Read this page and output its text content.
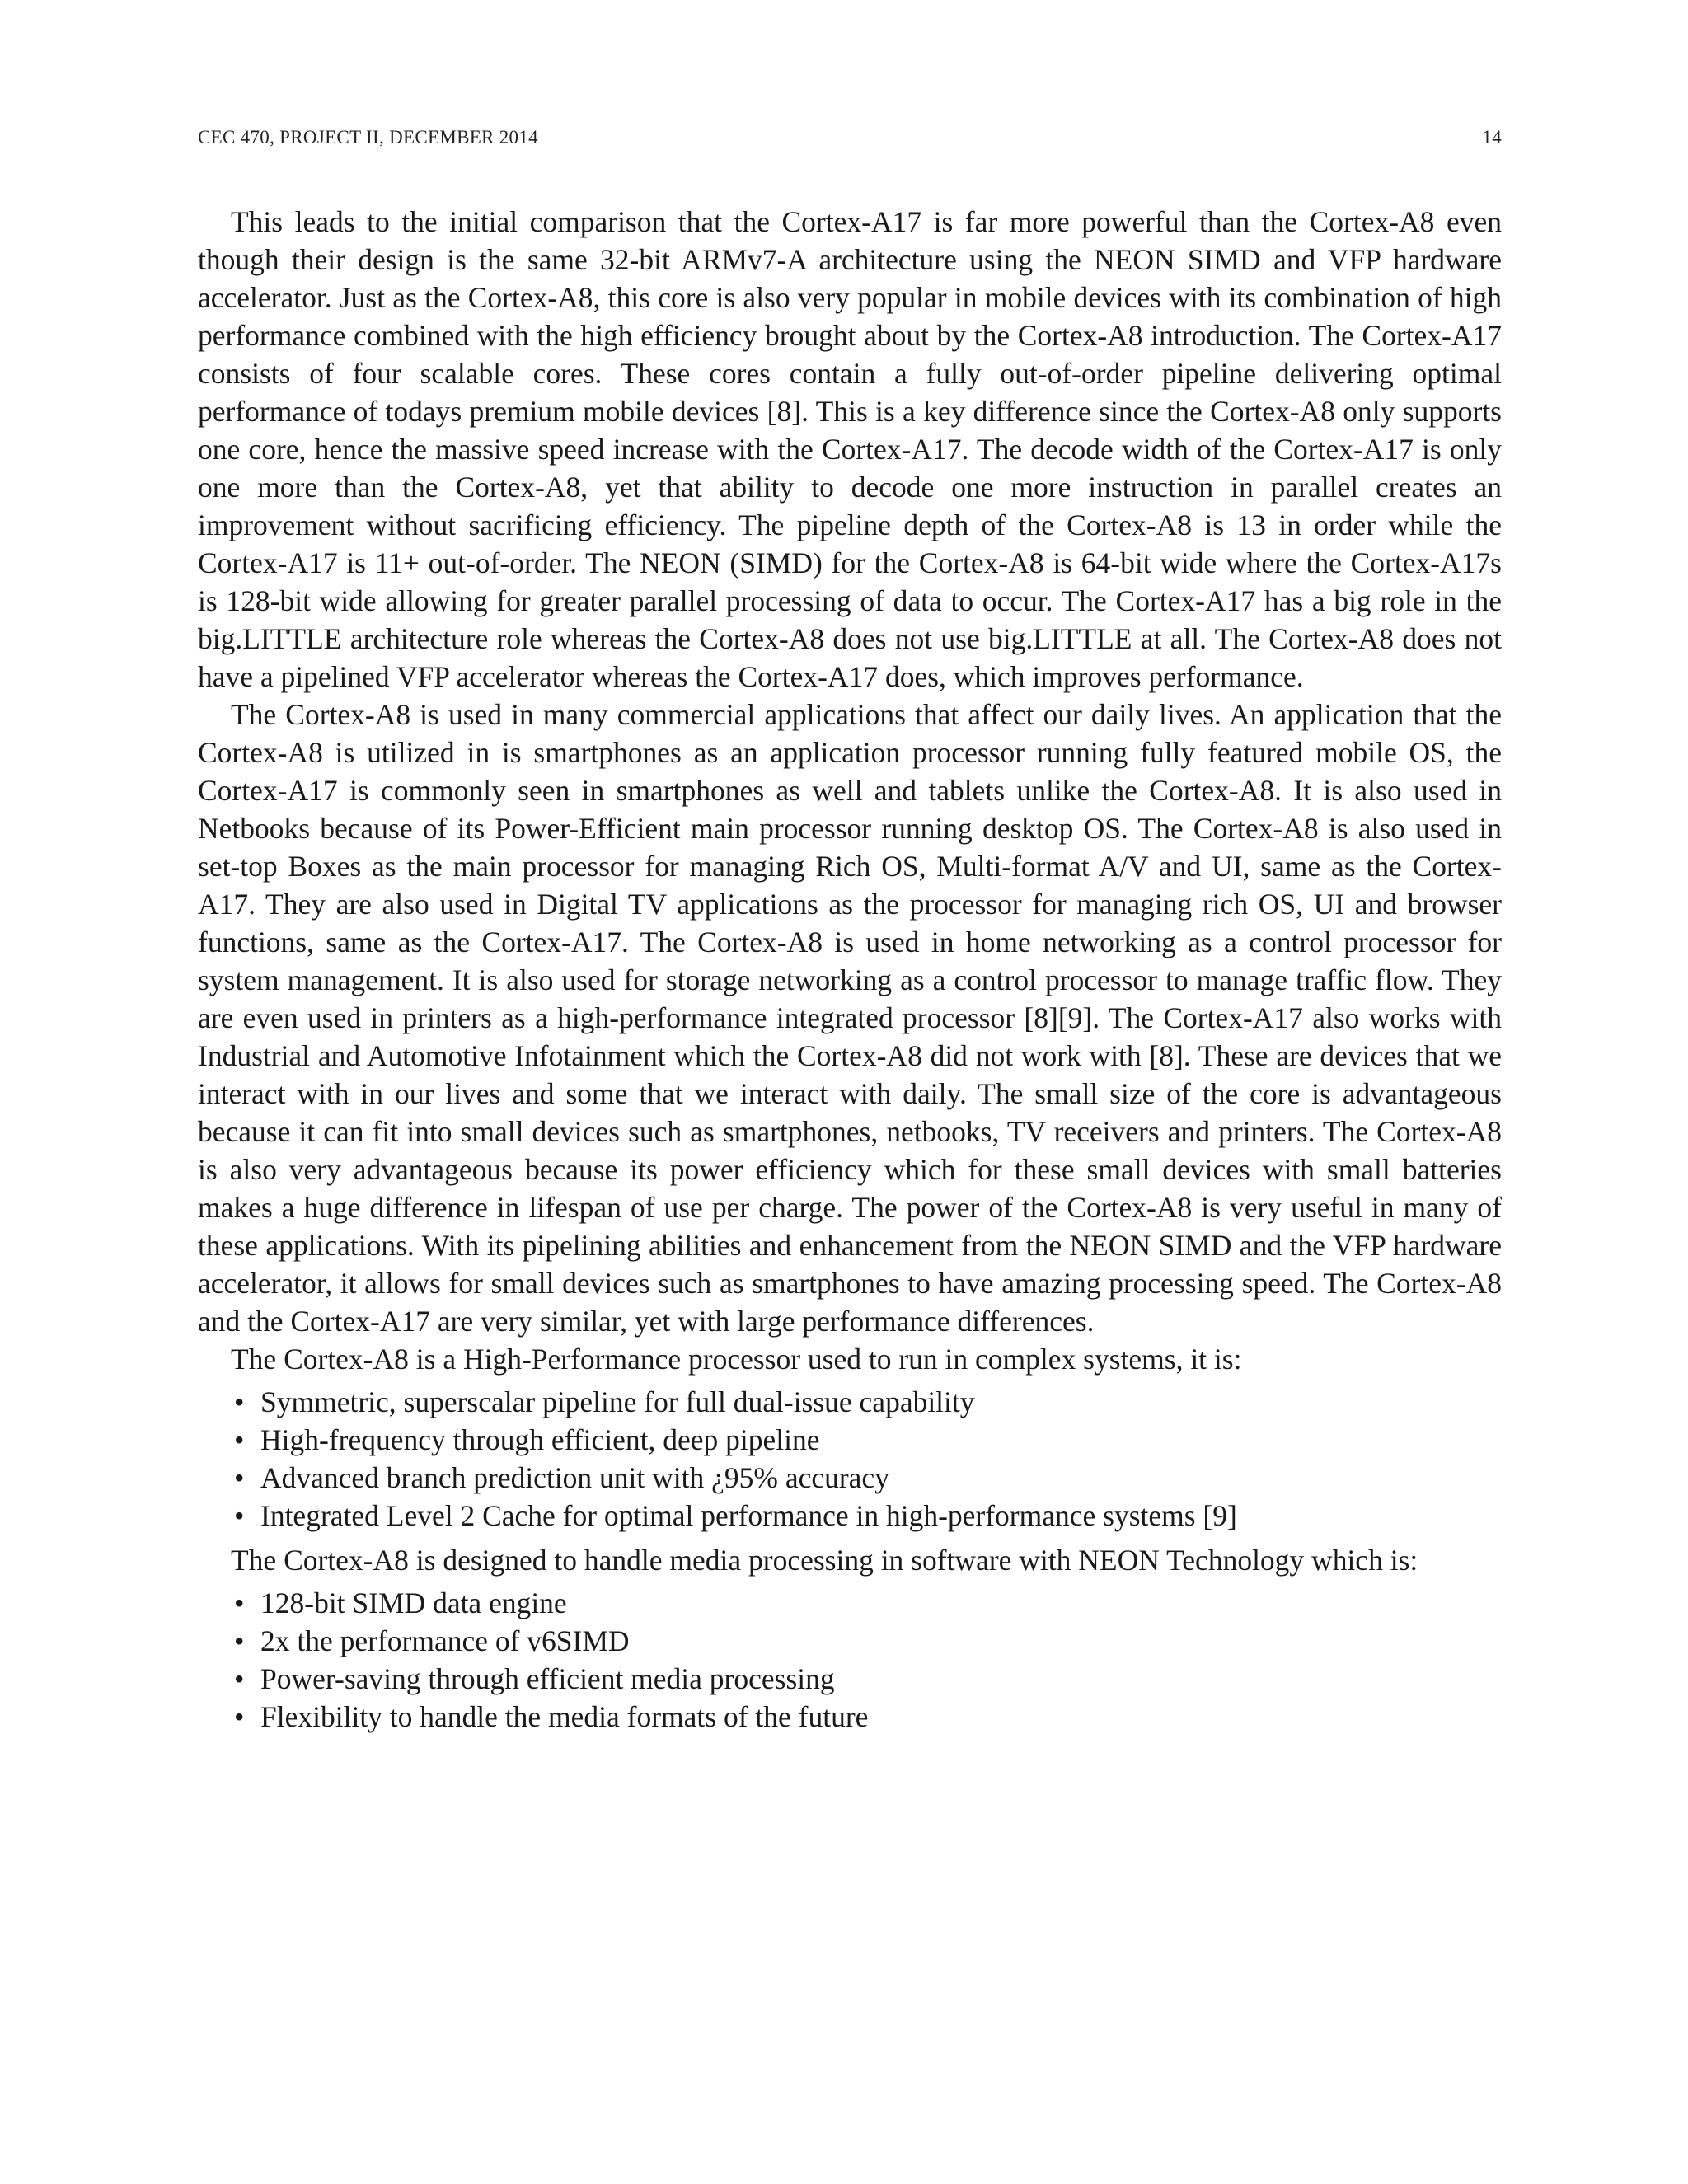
CEC 470, PROJECT II, DECEMBER 2014	14

This leads to the initial comparison that the Cortex-A17 is far more powerful than the Cortex-A8 even though their design is the same 32-bit ARMv7-A architecture using the NEON SIMD and VFP hardware accelerator. Just as the Cortex-A8, this core is also very popular in mobile devices with its combination of high performance combined with the high efficiency brought about by the Cortex-A8 introduction. The Cortex-A17 consists of four scalable cores. These cores contain a fully out-of-order pipeline delivering optimal performance of todays premium mobile devices [8]. This is a key difference since the Cortex-A8 only supports one core, hence the massive speed increase with the Cortex-A17. The decode width of the Cortex-A17 is only one more than the Cortex-A8, yet that ability to decode one more instruction in parallel creates an improvement without sacrificing efficiency. The pipeline depth of the Cortex-A8 is 13 in order while the Cortex-A17 is 11+ out-of-order. The NEON (SIMD) for the Cortex-A8 is 64-bit wide where the Cortex-A17s is 128-bit wide allowing for greater parallel processing of data to occur. The Cortex-A17 has a big role in the big.LITTLE architecture role whereas the Cortex-A8 does not use big.LITTLE at all. The Cortex-A8 does not have a pipelined VFP accelerator whereas the Cortex-A17 does, which improves performance.

The Cortex-A8 is used in many commercial applications that affect our daily lives. An application that the Cortex-A8 is utilized in is smartphones as an application processor running fully featured mobile OS, the Cortex-A17 is commonly seen in smartphones as well and tablets unlike the Cortex-A8. It is also used in Netbooks because of its Power-Efficient main processor running desktop OS. The Cortex-A8 is also used in set-top Boxes as the main processor for managing Rich OS, Multi-format A/V and UI, same as the Cortex-A17. They are also used in Digital TV applications as the processor for managing rich OS, UI and browser functions, same as the Cortex-A17. The Cortex-A8 is used in home networking as a control processor for system management. It is also used for storage networking as a control processor to manage traffic flow. They are even used in printers as a high-performance integrated processor [8][9]. The Cortex-A17 also works with Industrial and Automotive Infotainment which the Cortex-A8 did not work with [8]. These are devices that we interact with in our lives and some that we interact with daily. The small size of the core is advantageous because it can fit into small devices such as smartphones, netbooks, TV receivers and printers. The Cortex-A8 is also very advantageous because its power efficiency which for these small devices with small batteries makes a huge difference in lifespan of use per charge. The power of the Cortex-A8 is very useful in many of these applications. With its pipelining abilities and enhancement from the NEON SIMD and the VFP hardware accelerator, it allows for small devices such as smartphones to have amazing processing speed. The Cortex-A8 and the Cortex-A17 are very similar, yet with large performance differences.

The Cortex-A8 is a High-Performance processor used to run in complex systems, it is:

• Symmetric, superscalar pipeline for full dual-issue capability
• High-frequency through efficient, deep pipeline
• Advanced branch prediction unit with ¿95% accuracy
• Integrated Level 2 Cache for optimal performance in high-performance systems [9]

The Cortex-A8 is designed to handle media processing in software with NEON Technology which is:

• 128-bit SIMD data engine
• 2x the performance of v6SIMD
• Power-saving through efficient media processing
• Flexibility to handle the media formats of the future
